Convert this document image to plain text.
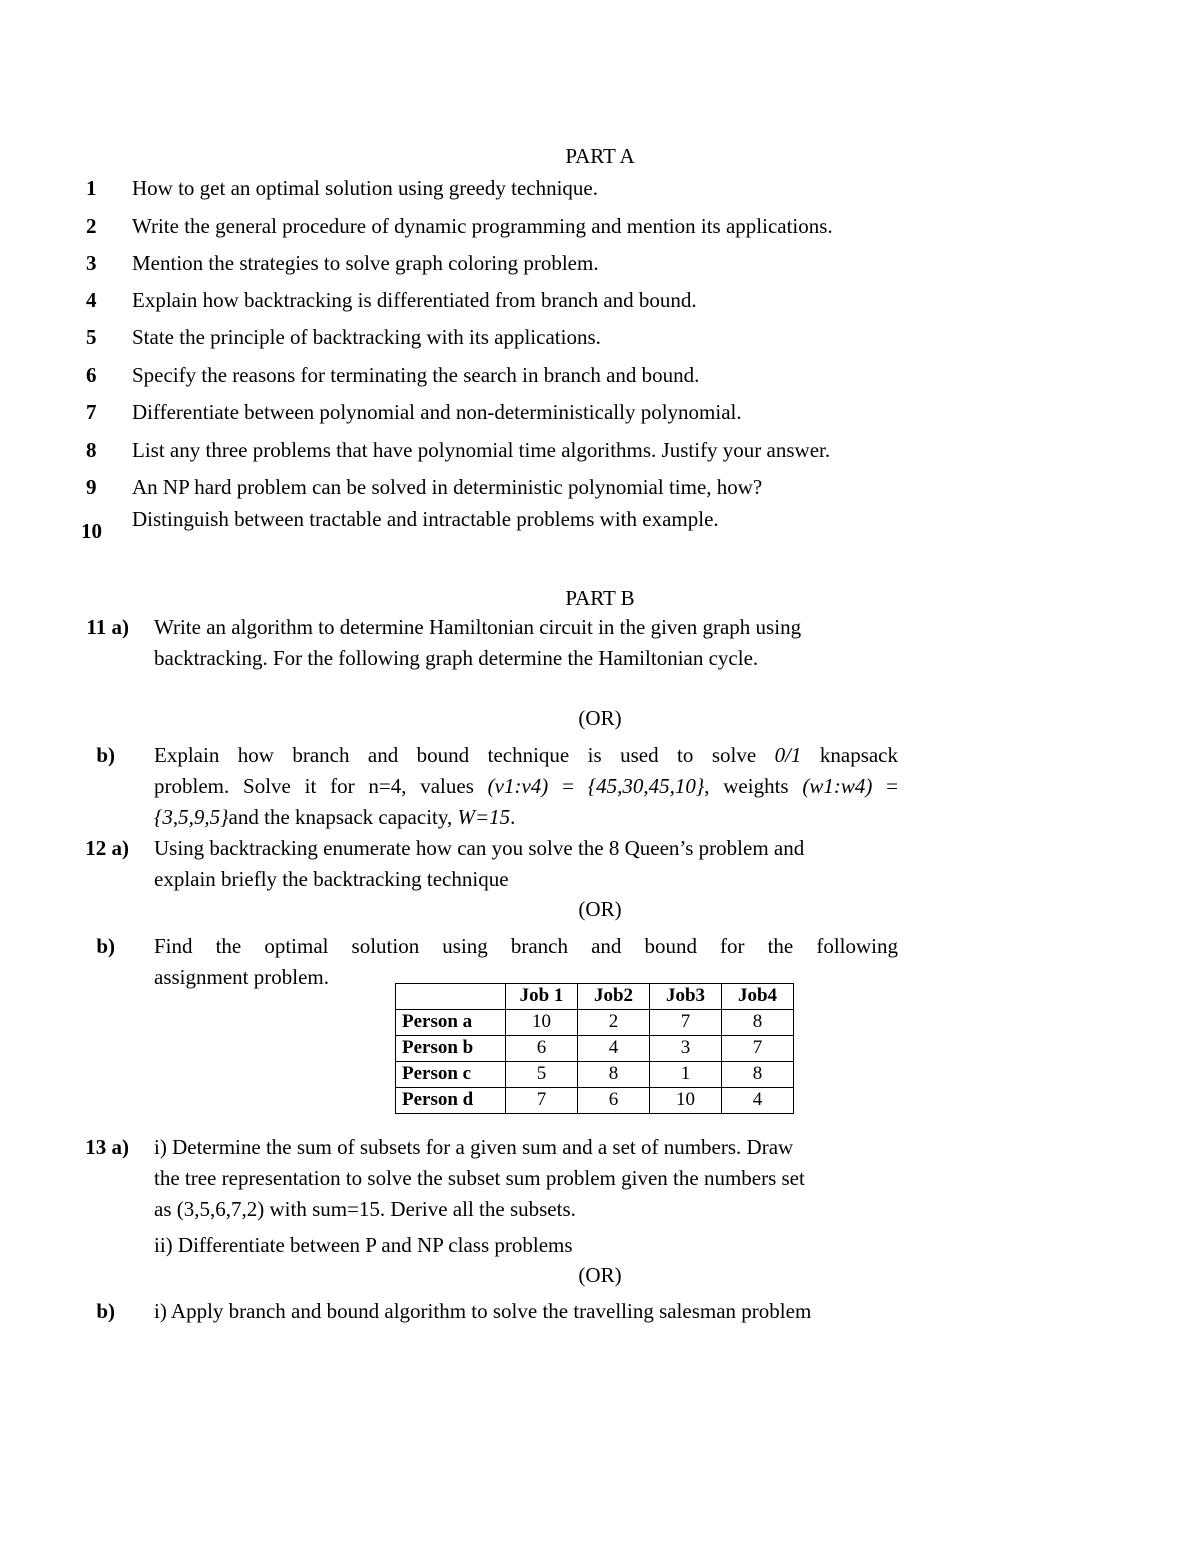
PART A
1 How to get an optimal solution using greedy technique.
2 Write the general procedure of dynamic programming and mention its applications.
3 Mention the strategies to solve graph coloring problem.
4 Explain how backtracking is differentiated from branch and bound.
5 State the principle of backtracking with its applications.
6 Specify the reasons for terminating the search in branch and bound.
7 Differentiate between polynomial and non-deterministically polynomial.
8 List any three problems that have polynomial time algorithms. Justify your answer.
9 An NP hard problem can be solved in deterministic polynomial time, how?
10 Distinguish between tractable and intractable problems with example.
PART B
11 a) Write an algorithm to determine Hamiltonian circuit in the given graph using
backtracking. For the following graph determine the Hamiltonian cycle.
(OR)
b) Explain how branch and bound technique is used to solve 0/1 knapsack
problem. Solve it for n=4, values (v1:v4) = {45,30,45,10}, weights (w1:w4) =
{3,5,9,5}and the knapsack capacity, W=15.
12 a) Using backtracking enumerate how can you solve the 8 Queen’s problem and
explain briefly the backtracking technique
(OR)
b) Find the optimal solution using branch and bound for the following
assignment problem.
	Job 1	Job2	Job3	Job4
Person a	10	2	7	8
Person b	6	4	3	7
Person c	5	8	1	8
Person d	7	6	10	4
13 a) i) Determine the sum of subsets for a given sum and a set of numbers. Draw
the tree representation to solve the subset sum problem given the numbers set
as (3,5,6,7,2) with sum=15. Derive all the subsets.
ii) Differentiate between P and NP class problems
(OR)
b) i) Apply branch and bound algorithm to solve the travelling salesman problem
